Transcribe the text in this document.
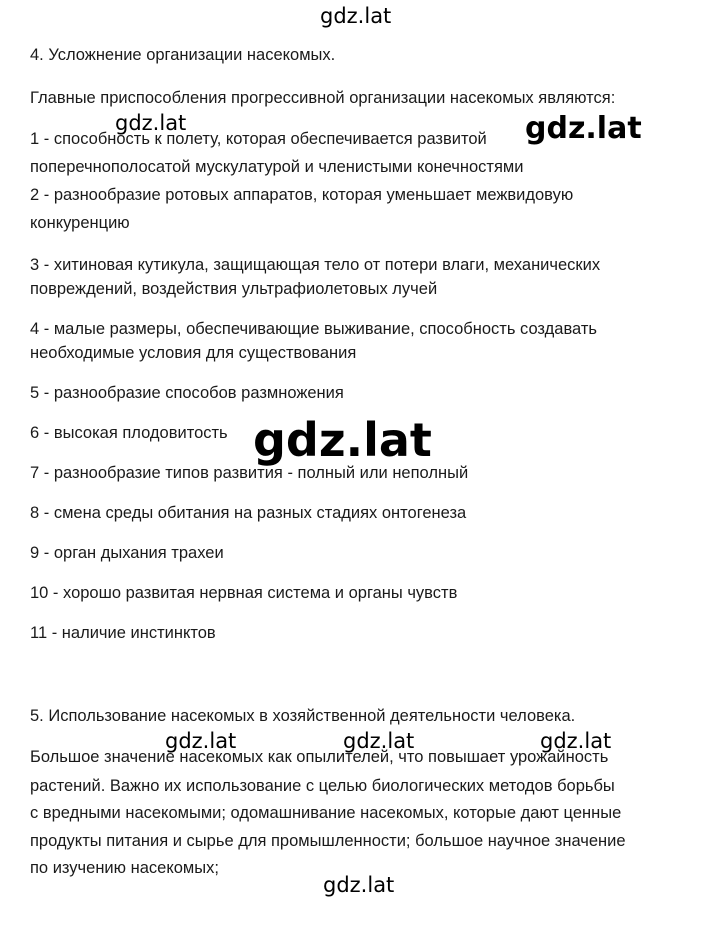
4. Усложнение организации насекомых.
Главные приспособления прогрессивной организации насекомых являются:
1 - способность к полету, которая обеспечивается развитой
поперечнополосатой мускулатурой и членистыми конечностями
2 - разнообразие ротовых аппаратов, которая уменьшает межвидовую
конкуренцию
3 - хитиновая кутикула, защищающая тело от потери влаги, механических
повреждений, воздействия ультрафиолетовых лучей
4 - малые размеры, обеспечивающие выживание, способность создавать
необходимые условия для существования
5 - разнообразие способов размножения
6 - высокая плодовитость
7 - разнообразие типов развития - полный или неполный
8 - смена среды обитания на разных стадиях онтогенеза
9 - орган дыхания трахеи
10 - хорошо развитая нервная система и органы чувств
11 - наличие инстинктов
5. Использование насекомых в хозяйственной деятельности человека.
Большое значение насекомых как опылителей, что повышает урожайность
растений. Важно их использование с целью биологических методов борьбы
с вредными насекомыми; одомашнивание насекомых, которые дают ценные
продукты питания и сырье для промышленности; большое научное значение
по изучению насекомых;
gdz.lat
gdz.lat	gdz.lat
gdz.lat
gdz.lat	gdz.lat	gdz.lat
gdz.lat
